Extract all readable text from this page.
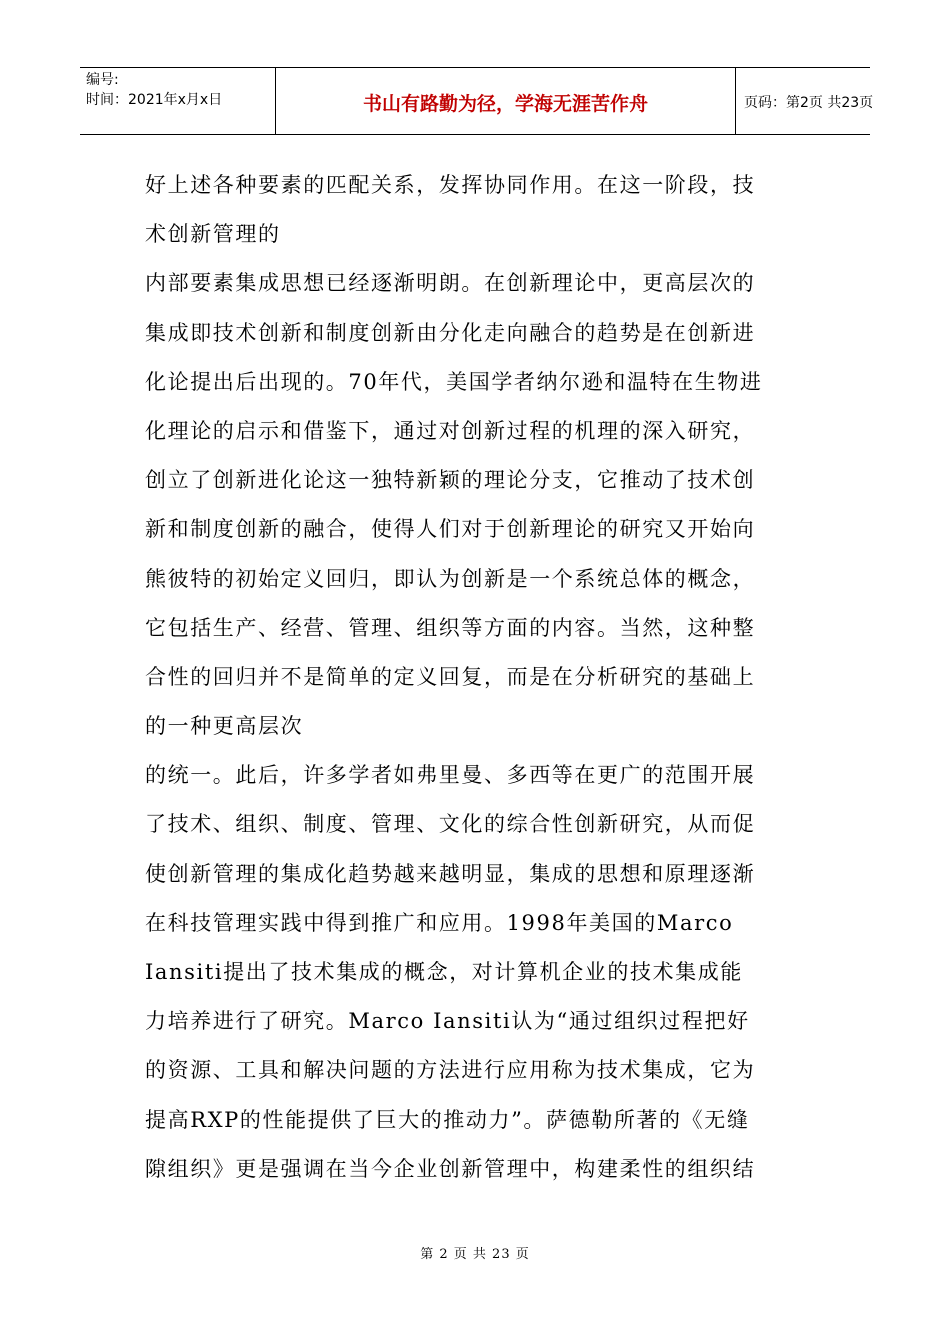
编号:
时间：2021年x月x日	书山有路勤为径，学海无涯苦作舟	页码：第2页 共23页
好上述各种要素的匹配关系，发挥协同作用。在这一阶段，技
术创新管理的
内部要素集成思想已经逐渐明朗。在创新理论中，更高层次的
集成即技术创新和制度创新由分化走向融合的趋势是在创新进
化论提出后出现的。70年代，美国学者纳尔逊和温特在生物进
化理论的启示和借鉴下，通过对创新过程的机理的深入研究，
创立了创新进化论这一独特新颖的理论分支，它推动了技术创
新和制度创新的融合，使得人们对于创新理论的研究又开始向
熊彼特的初始定义回归，即认为创新是一个系统总体的概念，
它包括生产、经营、管理、组织等方面的内容。当然，这种整
合性的回归并不是简单的定义回复，而是在分析研究的基础上
的一种更高层次
的统一。此后，许多学者如弗里曼、多西等在更广的范围开展
了技术、组织、制度、管理、文化的综合性创新研究，从而促
使创新管理的集成化趋势越来越明显，集成的思想和原理逐渐
在科技管理实践中得到推广和应用。1998年美国的Marco
Iansiti提出了技术集成的概念，对计算机企业的技术集成能
力培养进行了研究。Marco Iansiti认为“通过组织过程把好
的资源、工具和解决问题的方法进行应用称为技术集成，它为
提高RXP的性能提供了巨大的推动力”。萨德勒所著的《无缝
隙组织》更是强调在当今企业创新管理中，构建柔性的组织结
第 2 页 共 23 页
